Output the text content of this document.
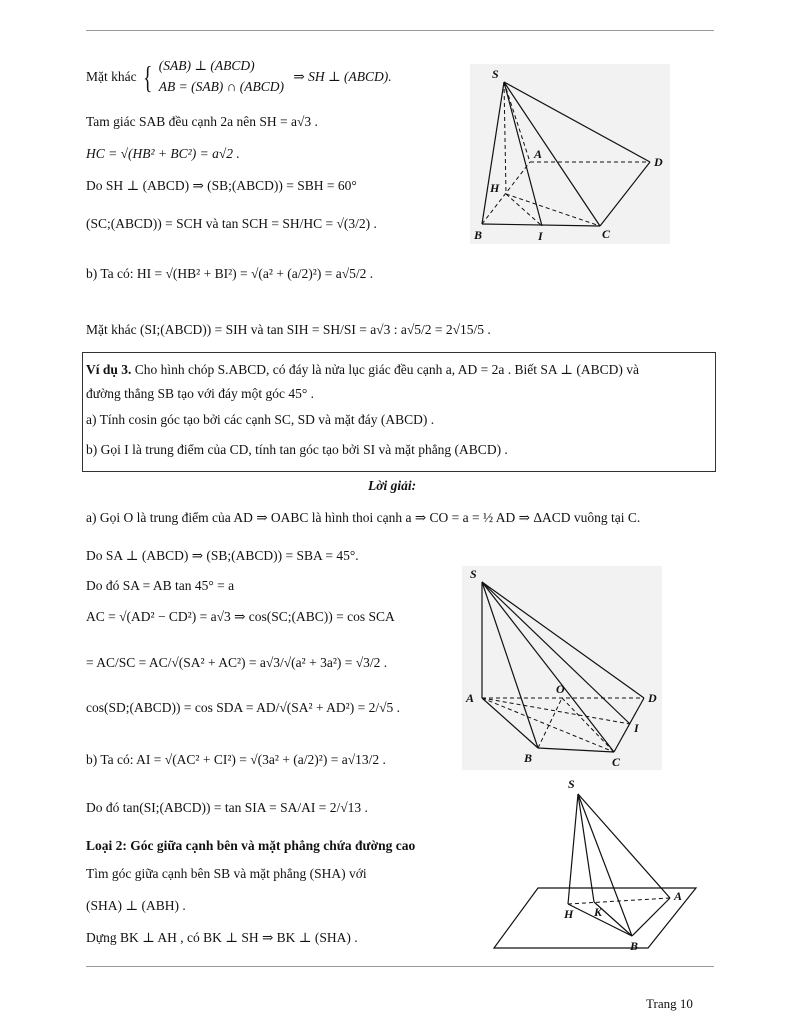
Mặt khác { (SAB) ⊥ (ABCD)
AB = (SAB) ∩ (ABCD)
⇒ SH ⊥ (ABCD).
Tam giác SAB đều cạnh 2a nên SH = a√3 .
HC = √(HB² + BC²) = a√2 .
Do SH ⊥ (ABCD) ⇒ (SB;(ABCD)) = SBH = 60°
(SC;(ABCD)) = SCH và tan SCH = SH/HC = √(3/2) .
b) Ta có: HI = √(HB² + BI²) = √(a² + (a/2)²) = a√5/2 .
Mặt khác (SI;(ABCD)) = SIH và tan SIH = SH/SI = a√3 : a√5/2 = 2√15/5 .
S
A
D
H
B	I	C
Ví dụ 3. Cho hình chóp S.ABCD, có đáy là nửa lục giác đều cạnh a, AD = 2a . Biết SA ⊥ (ABCD) và
đường thẳng SB tạo với đáy một góc 45° .
a) Tính cosin góc tạo bởi các cạnh SC, SD và mặt đáy (ABCD) .
b) Gọi I là trung điểm của CD, tính tan góc tạo bởi SI và mặt phẳng (ABCD) .
Lời giải:
a) Gọi O là trung điểm của AD ⇒ OABC là hình thoi cạnh a ⇒ CO = a = ½ AD ⇒ ΔACD vuông tại C.
Do SA ⊥ (ABCD) ⇒ (SB;(ABCD)) = SBA = 45°.
Do đó SA = AB tan 45° = a
AC = √(AD² − CD²) = a√3 ⇒ cos(SC;(ABC)) = cos SCA
= AC/SC = AC/√(SA² + AC²) = a√3/√(a² + 3a²) = √3/2 .
cos(SD;(ABCD)) = cos SDA = AD/√(SA² + AD²) = 2/√5 .
b) Ta có: AI = √(AC² + CI²) = √(3a² + (a/2)²) = a√13/2 .
Do đó tan(SI;(ABCD)) = tan SIA = SA/AI = 2/√13 .
S
A
O
D
I
B	C
Loại 2: Góc giữa cạnh bên và mặt phẳng chứa đường cao
Tìm góc giữa cạnh bên SB và mặt phẳng (SHA) với
(SHA) ⊥ (ABH) .
Dựng BK ⊥ AH , có BK ⊥ SH ⇒ BK ⊥ (SHA) .
S
H K
A
B
Trang 10
